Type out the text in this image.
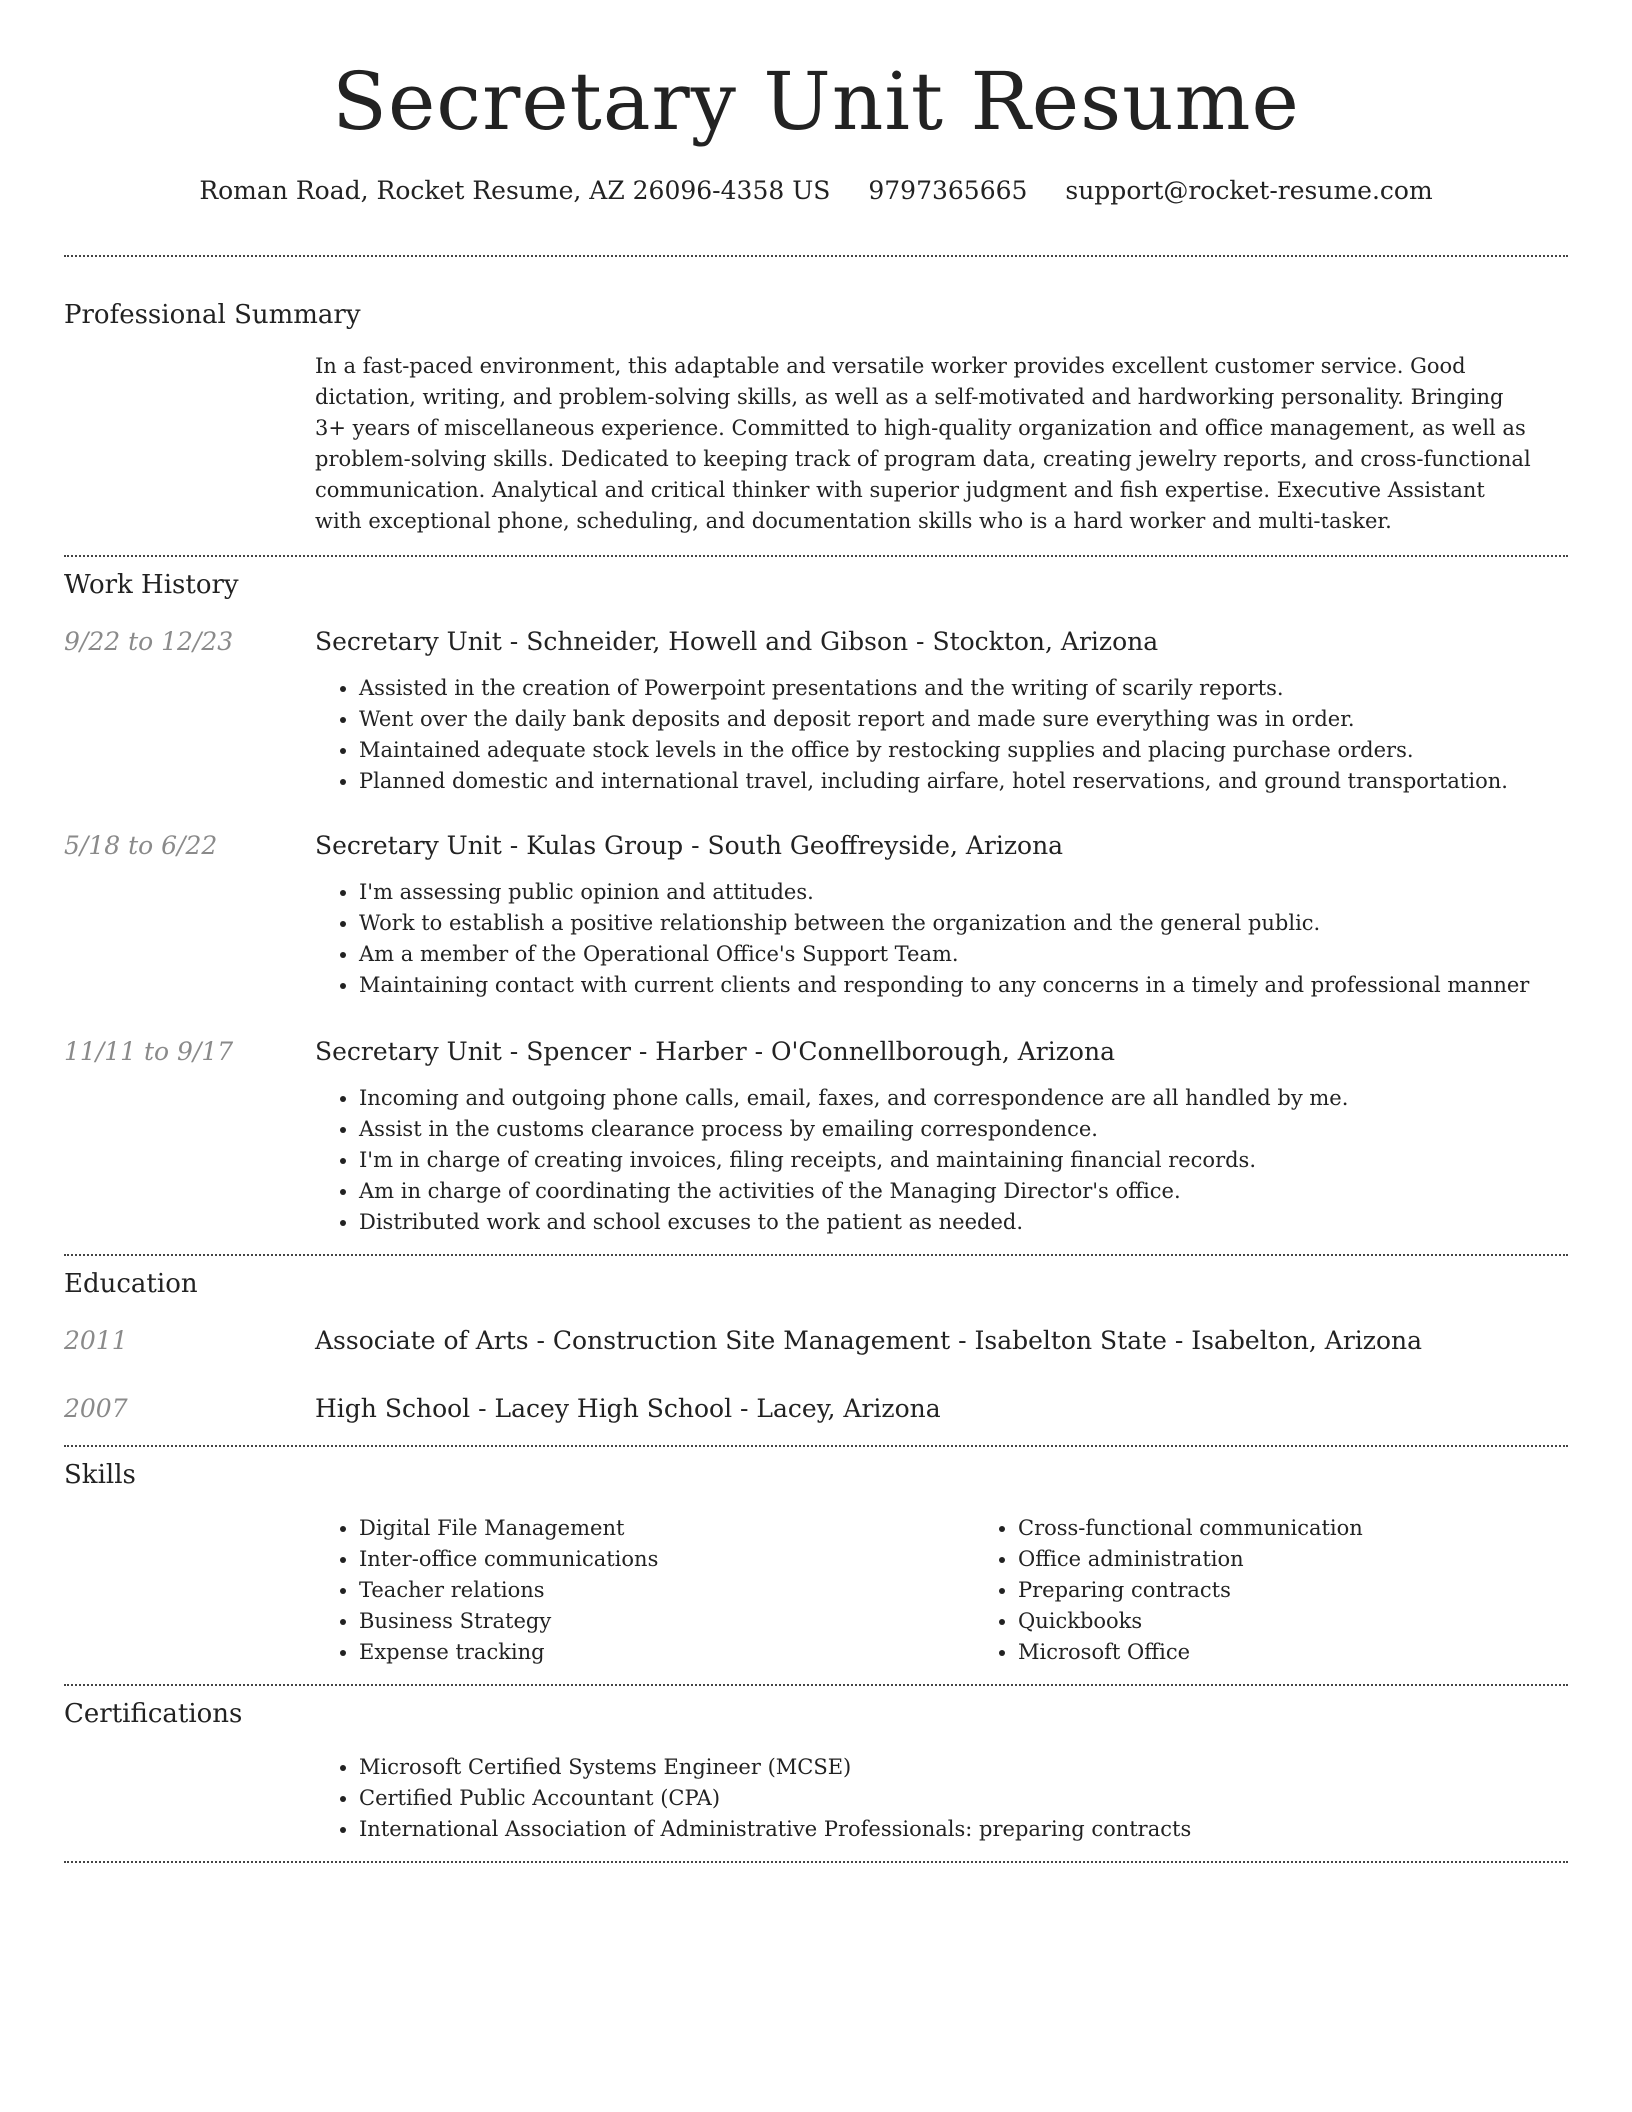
Secretary Unit Resume
Roman Road, Rocket Resume, AZ 26096-4358 US 9797365665 support@rocket-resume.com
Professional Summary

In a fast-paced environment, this adaptable and versatile worker provides excellent customer service. Good dictation, writing, and problem-solving skills, as well as a self-motivated and hardworking personality. Bringing 3+ years of miscellaneous experience. Committed to high-quality organization and office management, as well as problem-solving skills. Dedicated to keeping track of program data, creating jewelry reports, and cross-functional communication. Analytical and critical thinker with superior judgment and fish expertise. Executive Assistant with exceptional phone, scheduling, and documentation skills who is a hard worker and multi-tasker.

Work History
9/22 to 12/23	Secretary Unit - Schneider, Howell and Gibson - Stockton, Arizona
• Assisted in the creation of Powerpoint presentations and the writing of scarily reports.
• Went over the daily bank deposits and deposit report and made sure everything was in order.
• Maintained adequate stock levels in the office by restocking supplies and placing purchase orders.
• Planned domestic and international travel, including airfare, hotel reservations, and ground transportation.
5/18 to 6/22	Secretary Unit - Kulas Group - South Geoffreyside, Arizona
• I'm assessing public opinion and attitudes.
• Work to establish a positive relationship between the organization and the general public.
• Am a member of the Operational Office's Support Team.
• Maintaining contact with current clients and responding to any concerns in a timely and professional manner
11/11 to 9/17	Secretary Unit - Spencer - Harber - O'Connellborough, Arizona
• Incoming and outgoing phone calls, email, faxes, and correspondence are all handled by me.
• Assist in the customs clearance process by emailing correspondence.
• I'm in charge of creating invoices, filing receipts, and maintaining financial records.
• Am in charge of coordinating the activities of the Managing Director's office.
• Distributed work and school excuses to the patient as needed.
Education
2011	Associate of Arts - Construction Site Management - Isabelton State - Isabelton, Arizona
2007	High School - Lacey High School - Lacey, Arizona
Skills
• Digital File Management
• Inter-office communications
• Teacher relations
• Business Strategy
• Expense tracking
• Cross-functional communication
• Office administration
• Preparing contracts
• Quickbooks
• Microsoft Office
Certifications
• Microsoft Certified Systems Engineer (MCSE)
• Certified Public Accountant (CPA)
• International Association of Administrative Professionals: preparing contracts
